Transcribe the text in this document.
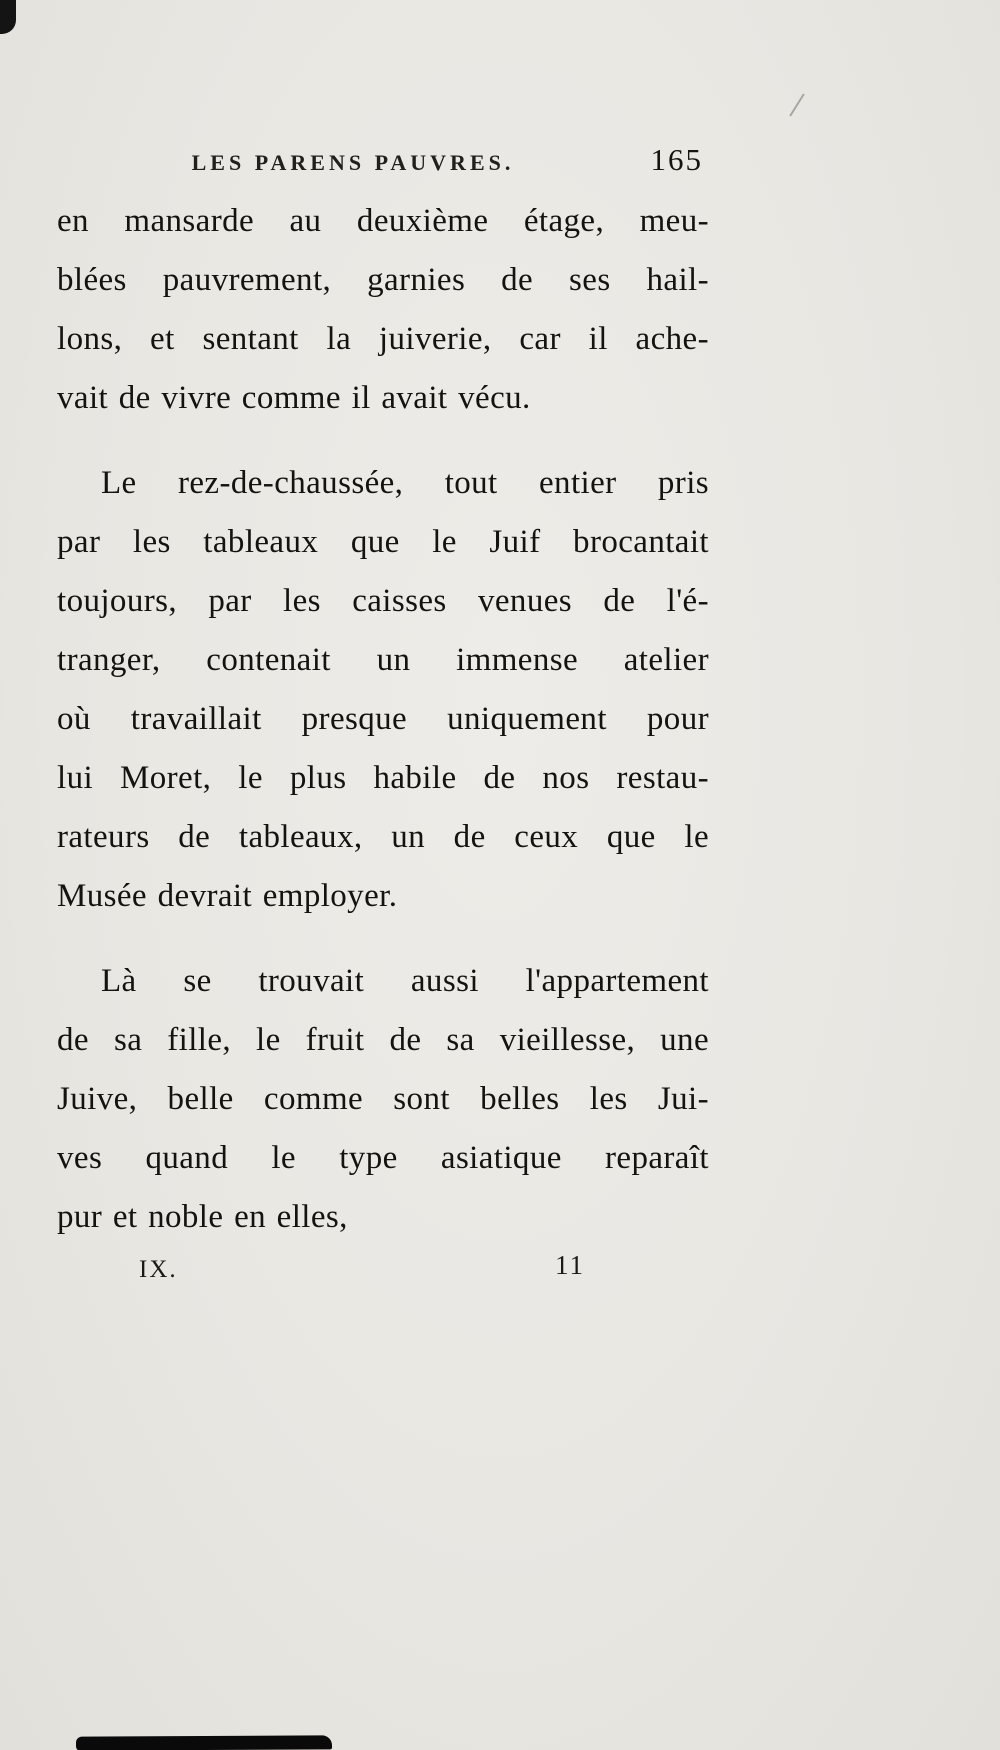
LES PARENS PAUVRES.	165
en mansarde au deuxième étage, meu-
blées pauvrement, garnies de ses hail-
lons, et sentant la juiverie, car il ache-
vait de vivre comme il avait vécu.
Le rez-de-chaussée, tout entier pris
par les tableaux que le Juif brocantait
toujours, par les caisses venues de l'é-
tranger, contenait un immense atelier
où travaillait presque uniquement pour
lui Moret, le plus habile de nos restau-
rateurs de tableaux, un de ceux que le
Musée devrait employer.
Là se trouvait aussi l'appartement
de sa fille, le fruit de sa vieillesse, une
Juive, belle comme sont belles les Jui-
ves quand le type asiatique reparaît
pur et noble en elles,
IX.	11
